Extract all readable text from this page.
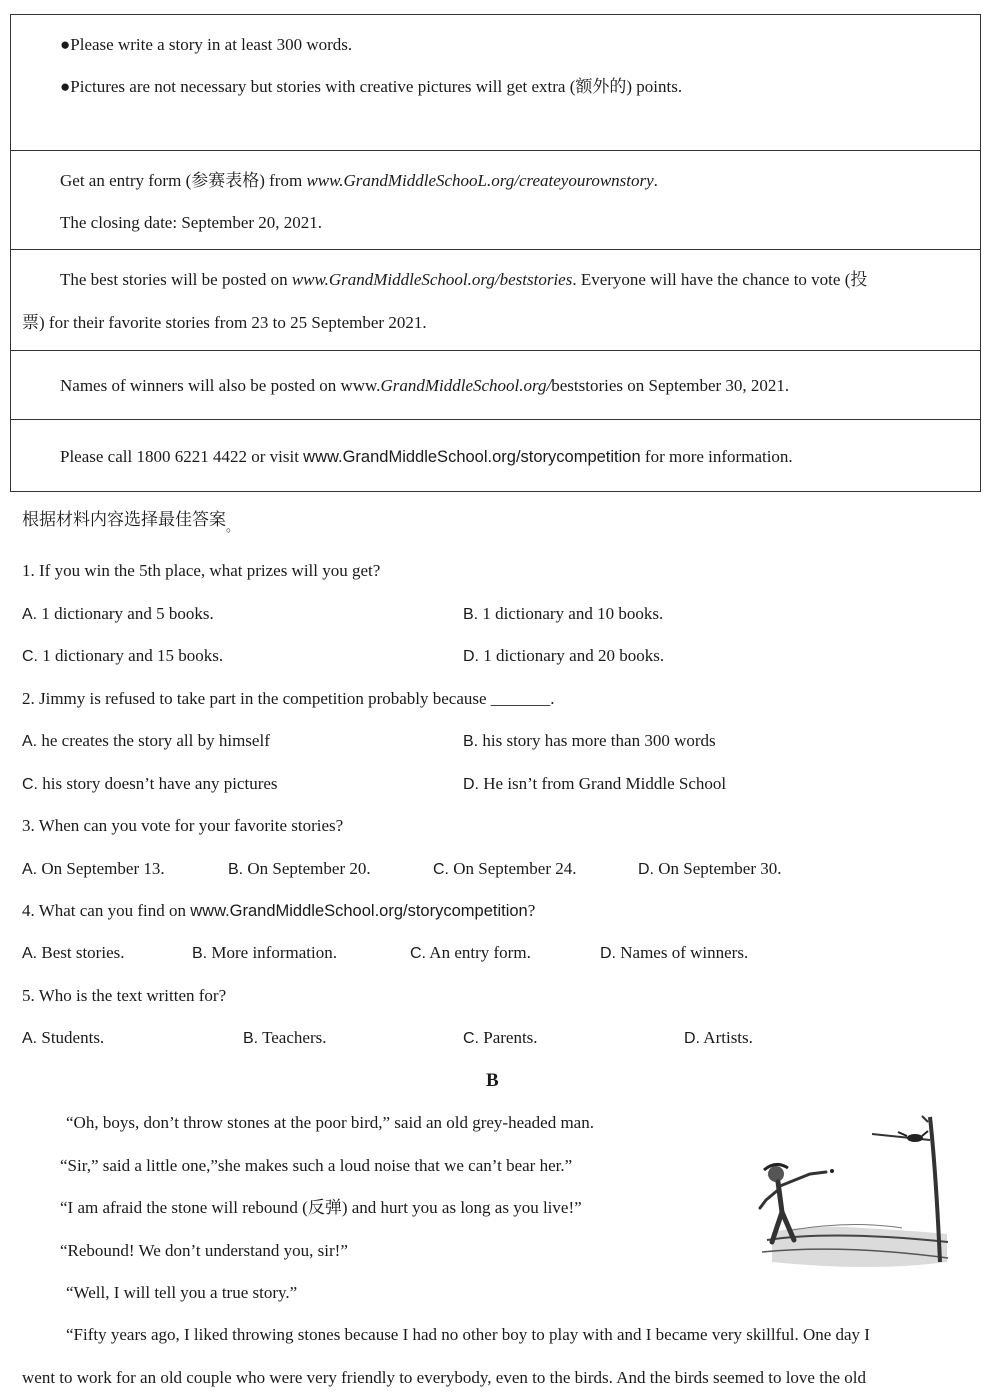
●Please write a story in at least 300 words.
●Pictures are not necessary but stories with creative pictures will get extra (额外的) points.
Get an entry form (参赛表格) from www.GrandMiddleSchooL.org/createyourownstory.
The closing date: September 20, 2021.
The best stories will be posted on www.GrandMiddleSchool.org/beststories. Everyone will have the chance to vote (投
票) for their favorite stories from 23 to 25 September 2021.
Names of winners will also be posted on www.GrandMiddleSchool.org/beststories on September 30, 2021.
Please call 1800 6221 4422 or visit www.GrandMiddleSchool.org/storycompetition for more information.
根据材料内容选择最佳答案$_。$
1. If you win the 5th place, what prizes will you get?
A. 1 dictionary and 5 books.	B. 1 dictionary and 10 books.
C. 1 dictionary and 15 books.	D. 1 dictionary and 20 books.
2. Jimmy is refused to take part in the competition probably because _______.
A. he creates the story all by himself	B. his story has more than 300 words
C. his story doesn’t have any pictures	D. He isn’t from Grand Middle School
3. When can you vote for your favorite stories?
A. On September 13.	B. On September 20.	C. On September 24.	D. On September 30.
4. What can you find on www.GrandMiddleSchool.org/storycompetition?
A. Best stories.	B. More information.	C. An entry form.	D. Names of winners.
5. Who is the text written for?
A. Students.	B. Teachers.	C. Parents.	D. Artists.
B
“Oh, boys, don’t throw stones at the poor bird,” said an old grey-headed man.
“Sir,” said a little one,”she makes such a loud noise that we can’t bear her.”
“I am afraid the stone will rebound (反弹) and hurt you as long as you live!”
“Rebound! We don’t understand you, sir!”
“Well, I will tell you a true story.”
“Fifty years ago, I liked throwing stones because I had no other boy to play with and I became very skillful. One day I
went to work for an old couple who were very friendly to everybody, even to the birds. And the birds seemed to love the old
